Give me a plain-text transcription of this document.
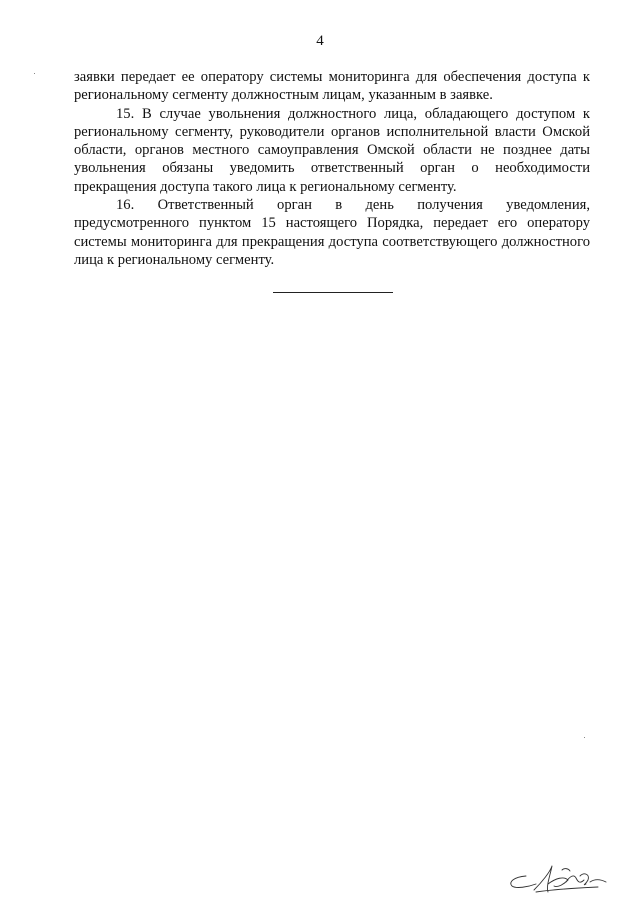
4

заявки передает ее оператору системы мониторинга для обеспечения доступа к региональному сегменту должностным лицам, указанным в заявке.

15. В случае увольнения должностного лица, обладающего доступом к региональному сегменту, руководители органов исполнительной власти Омской области, органов местного самоуправления Омской области не позднее даты увольнения обязаны уведомить ответственный орган о необходимости прекращения доступа такого лица к региональному сегменту.

16. Ответственный орган в день получения уведомления, предусмотренного пунктом 15 настоящего Порядка, передает его оператору системы мониторинга для прекращения доступа соответствующего должностного лица к региональному сегменту.
